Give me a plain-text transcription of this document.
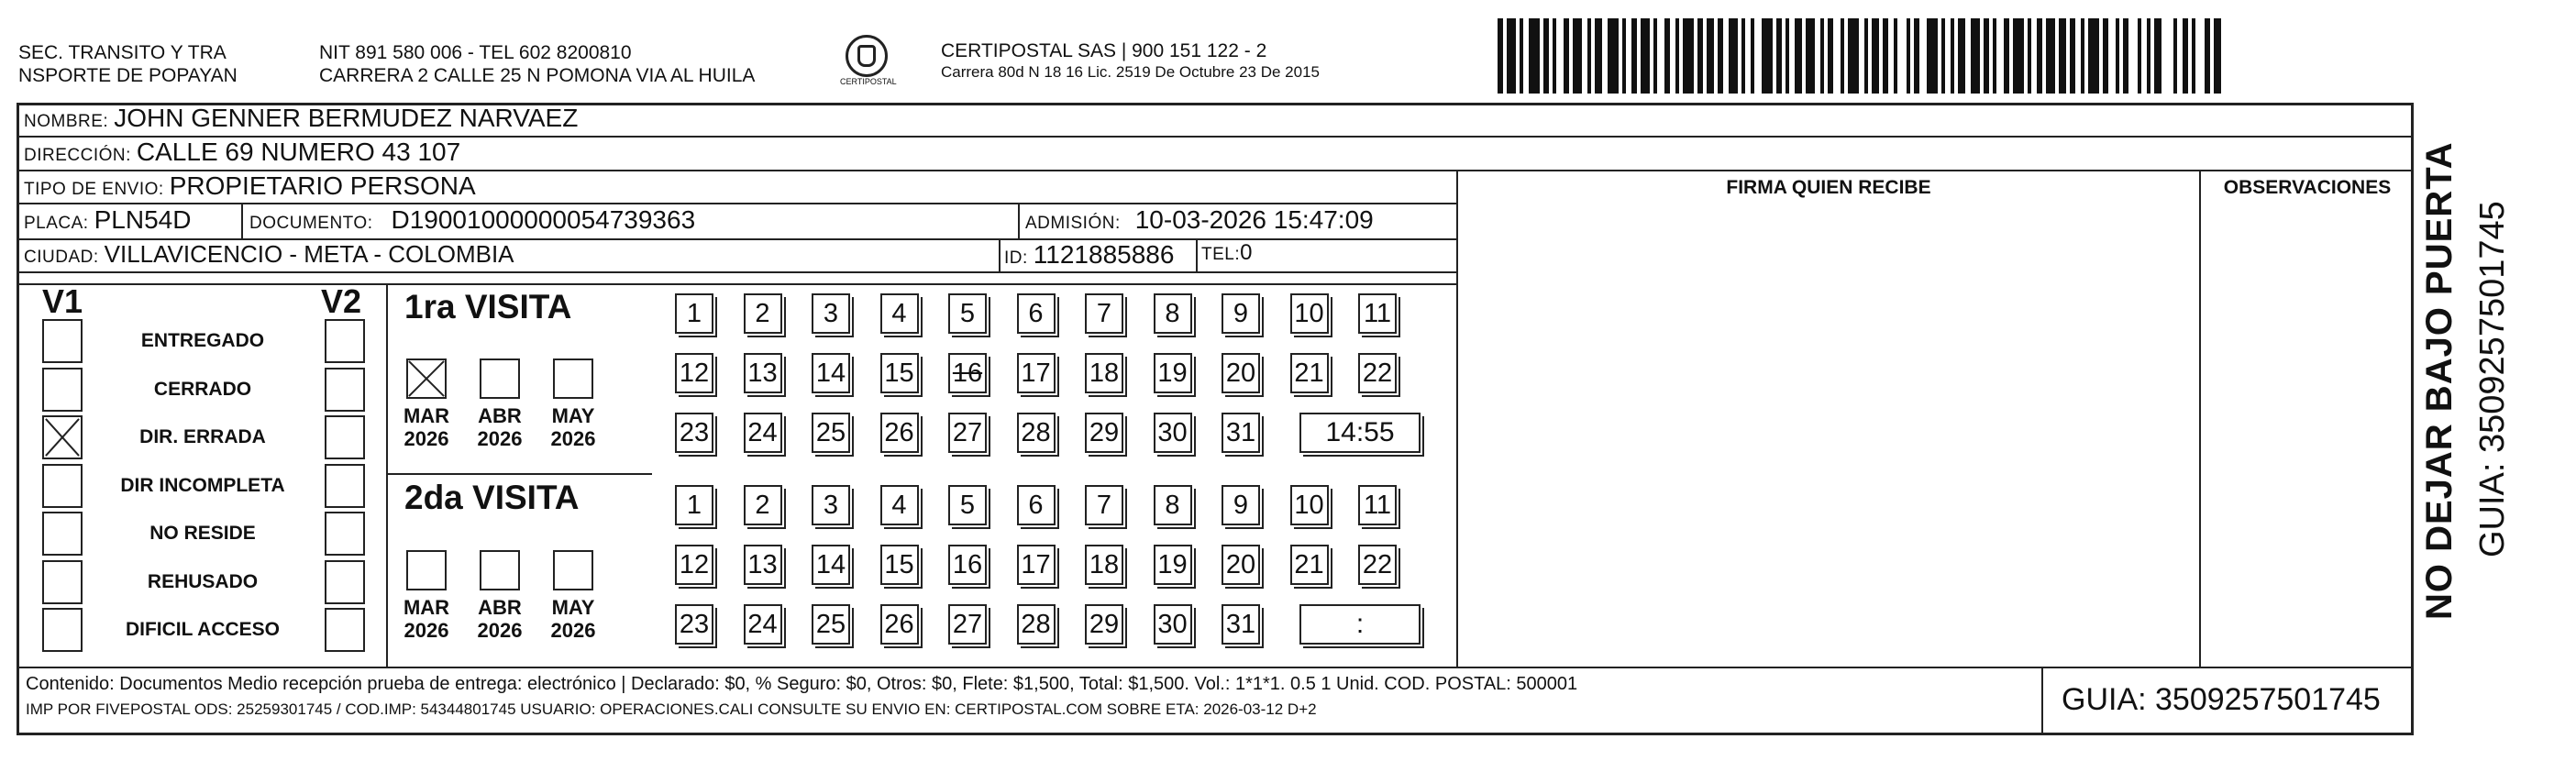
SEC. TRANSITO Y TRA
NSPORTE DE POPAYAN
NIT 891 580 006 - TEL 602 8200810
CARRERA 2 CALLE 25 N POMONA VIA AL HUILA	CERTIPOSTAL
CERTIPOSTAL SAS | 900 151 122 - 2
Carrera 80d N 18 16 Lic. 2519 De Octubre 23 De 2015
NOMBRE: JOHN GENNER BERMUDEZ NARVAEZ
DIRECCIÓN: CALLE 69 NUMERO 43 107
TIPO DE ENVIO: PROPIETARIO PERSONA
PLACA: PLN54D	DOCUMENTO: D19001000000054739363	ADMISIÓN: 10-03-2026 15:47:09
CIUDAD: VILLAVICENCIO - META - COLOMBIA	ID: 1121885886 TEL: 0
FIRMA QUIEN RECIBE	OBSERVACIONES
V1	V2
ENTREGADO
CERRADO
DIR. ERRADA
DIR INCOMPLETA
NO RESIDE
REHUSADO
DIFICIL ACCESO
1ra VISITA
MAR
2026
ABR
2026
MAY
2026
1	2	3	4	5	6	7	8	9	10 11
12 13 14 15 16 17 18 19 20 21 22
23 24 25 26 27 28 29 30 31	14:55
2da VISITA
MAR
2026
ABR
2026
MAY
2026
1	2	3	4	5	6	7	8	9	10 11
12 13 14 15 16 17 18 19 20 21 22
23 24 25 26 27 28 29 30 31	:
Contenido: Documentos Medio recepción prueba de entrega: electrónico | Declarado: $0, % Seguro: $0, Otros: $0, Flete: $1,500, Total: $1,500. Vol.: 1*1*1. 0.5 1 Unid. COD. POSTAL: 500001
IMP POR FIVEPOSTAL ODS: 25259301745 / COD.IMP: 54344801745 USUARIO: OPERACIONES.CALI CONSULTE SU ENVIO EN: CERTIPOSTAL.COM SOBRE ETA: 2026-03-12 D+2	GUIA: 3509257501745
NO DEJAR BAJO PUERTA GUIA: 3509257501745
